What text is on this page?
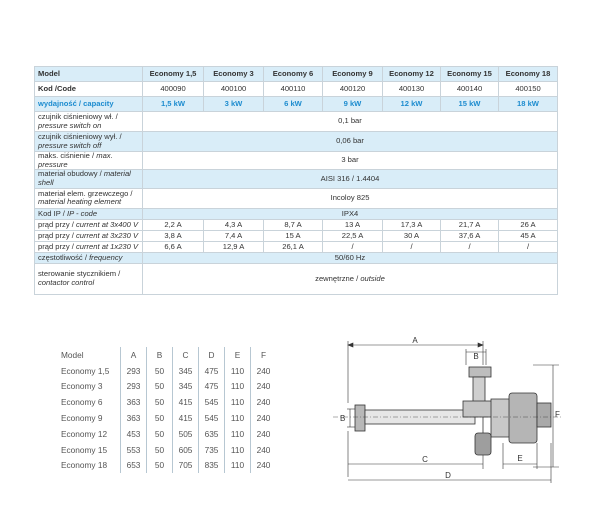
Model	Economy 1,5	Economy 3	Economy 6	Economy 9	Economy 12	Economy 15	Economy 18
Kod /Code	400090	400100	400110	400120	400130	400140	400150
wydajność / capacity	1,5 kW	3 kW	6 kW	9 kW	12 kW	15 kW	18 kW
czujnik ciśnieniowy wł. /
pressure switch on	0,1 bar						
czujnik ciśnieniowy wył. /
pressure switch off	0,06 bar						
maks. ciśnienie / max. pressure	3 bar						
materiał obudowy / material shell	AISI 316 / 1.4404						
materiał elem. grzewczego /
material heating element	Incoloy 825						
Kod IP / IP - code	IPX4						
prąd przy / current at 3x400 V	2,2 A	4,3 A	8,7 A	13 A	17,3 A	21,7 A	26 A
prąd przy / current at 3x230 V	3,8 A	7,4 A	15 A	22,5 A	30 A	37,6 A	45 A
prąd przy / current at 1x230 V	6,6 A	12,9 A	26,1 A	/	/	/	/
częstotliwość / frequency	50/60 Hz						
sterowanie stycznikiem /
contactor control	zewnętrzne / outside						
Model	A	B	C	D	E	F
Economy 1,5	293	50	345	475	110	240
Economy 3	293	50	345	475	110	240
Economy 6	363	50	415	545	110	240
Economy 9	363	50	415	545	110	240
Economy 12	453	50	505	635	110	240
Economy 15	553	50	605	735	110	240
Economy 18	653	50	705	835	110	240
A
B
B	F
C	E
D
